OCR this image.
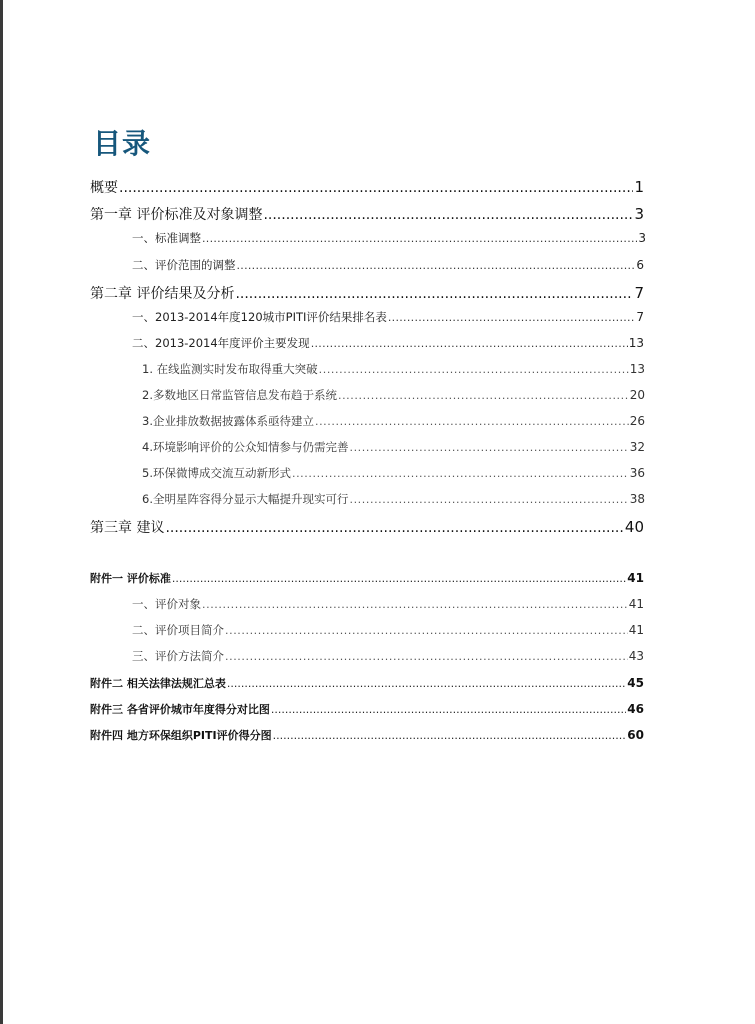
目录
概要 .....	1
第一章 评价标准及对象调整 .....	3
一、标准调整 .....	3
二、评价范围的调整 .....	6
第二章 评价结果及分析 .....	7
一、2013-2014年度120城市PITI评价结果排名表 .....	7
二、2013-2014年度评价主要发现 .....	13
1. 在线监测实时发布取得重大突破 .....	13
2.多数地区日常监管信息发布趋于系统 .....	20
3.企业排放数据披露体系亟待建立 .....	26
4.环境影响评价的公众知情参与仍需完善 .....	32
5.环保微博成交流互动新形式 .....	36
6.全明星阵容得分显示大幅提升现实可行 .....	38
第三章 建议 .....	40
附件一 评价标准 .....	41
一、评价对象 .....	41
二、评价项目简介 .....	41
三、评价方法简介 .....	43
附件二 相关法律法规汇总表 .....	45
附件三 各省评价城市年度得分对比图 .....	46
附件四 地方环保组织PITI评价得分图 .....	60
